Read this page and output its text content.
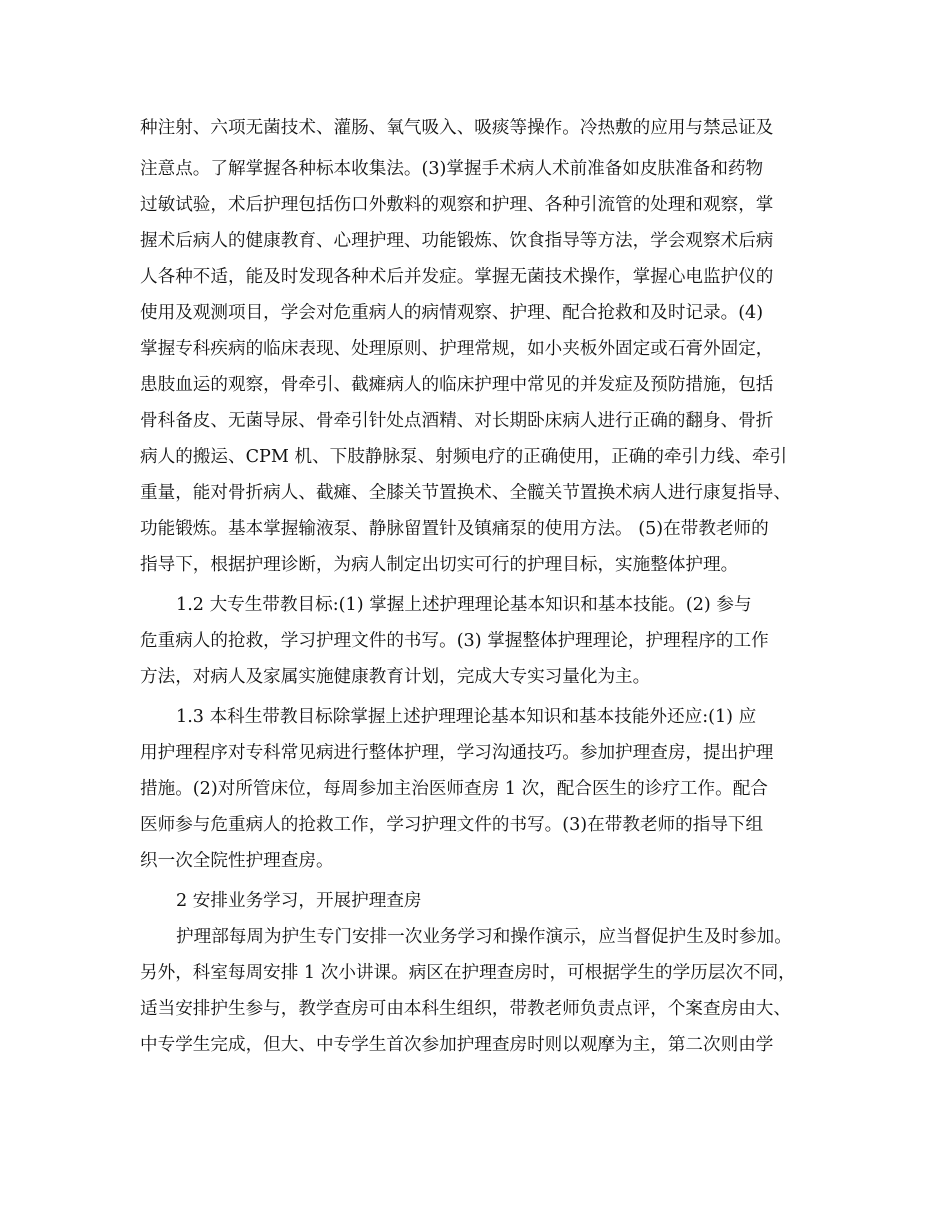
种注射、六项无菌技术、灌肠、氧气吸入、吸痰等操作。冷热敷的应用与禁忌证及
注意点。了解掌握各种标本收集法。(3)掌握手术病人术前准备如皮肤准备和药物
过敏试验，术后护理包括伤口外敷料的观察和护理、各种引流管的处理和观察，掌
握术后病人的健康教育、心理护理、功能锻炼、饮食指导等方法，学会观察术后病
人各种不适，能及时发现各种术后并发症。掌握无菌技术操作，掌握心电监护仪的
使用及观测项目，学会对危重病人的病情观察、护理、配合抢救和及时记录。(4)
掌握专科疾病的临床表现、处理原则、护理常规，如小夹板外固定或石膏外固定，
患肢血运的观察，骨牵引、截瘫病人的临床护理中常见的并发症及预防措施，包括
骨科备皮、无菌导尿、骨牵引针处点酒精、对长期卧床病人进行正确的翻身、骨折
病人的搬运、CPM 机、下肢静脉泵、射频电疗的正确使用，正确的牵引力线、牵引
重量，能对骨折病人、截瘫、全膝关节置换术、全髋关节置换术病人进行康复指导、
功能锻炼。基本掌握输液泵、静脉留置针及镇痛泵的使用方法。 (5)在带教老师的
指导下，根据护理诊断，为病人制定出切实可行的护理目标，实施整体护理。
1.2 大专生带教目标:(1) 掌握上述护理理论基本知识和基本技能。(2) 参与
危重病人的抢救，学习护理文件的书写。(3) 掌握整体护理理论，护理程序的工作
方法，对病人及家属实施健康教育计划，完成大专实习量化为主。
1.3 本科生带教目标除掌握上述护理理论基本知识和基本技能外还应:(1) 应
用护理程序对专科常见病进行整体护理，学习沟通技巧。参加护理查房，提出护理
措施。(2)对所管床位，每周参加主治医师查房 1 次，配合医生的诊疗工作。配合
医师参与危重病人的抢救工作，学习护理文件的书写。(3)在带教老师的指导下组
织一次全院性护理查房。
2 安排业务学习，开展护理查房
护理部每周为护生专门安排一次业务学习和操作演示，应当督促护生及时参加。
另外，科室每周安排 1 次小讲课。病区在护理查房时，可根据学生的学历层次不同，
适当安排护生参与，教学查房可由本科生组织，带教老师负责点评，个案查房由大、
中专学生完成，但大、中专学生首次参加护理查房时则以观摩为主，第二次则由学
